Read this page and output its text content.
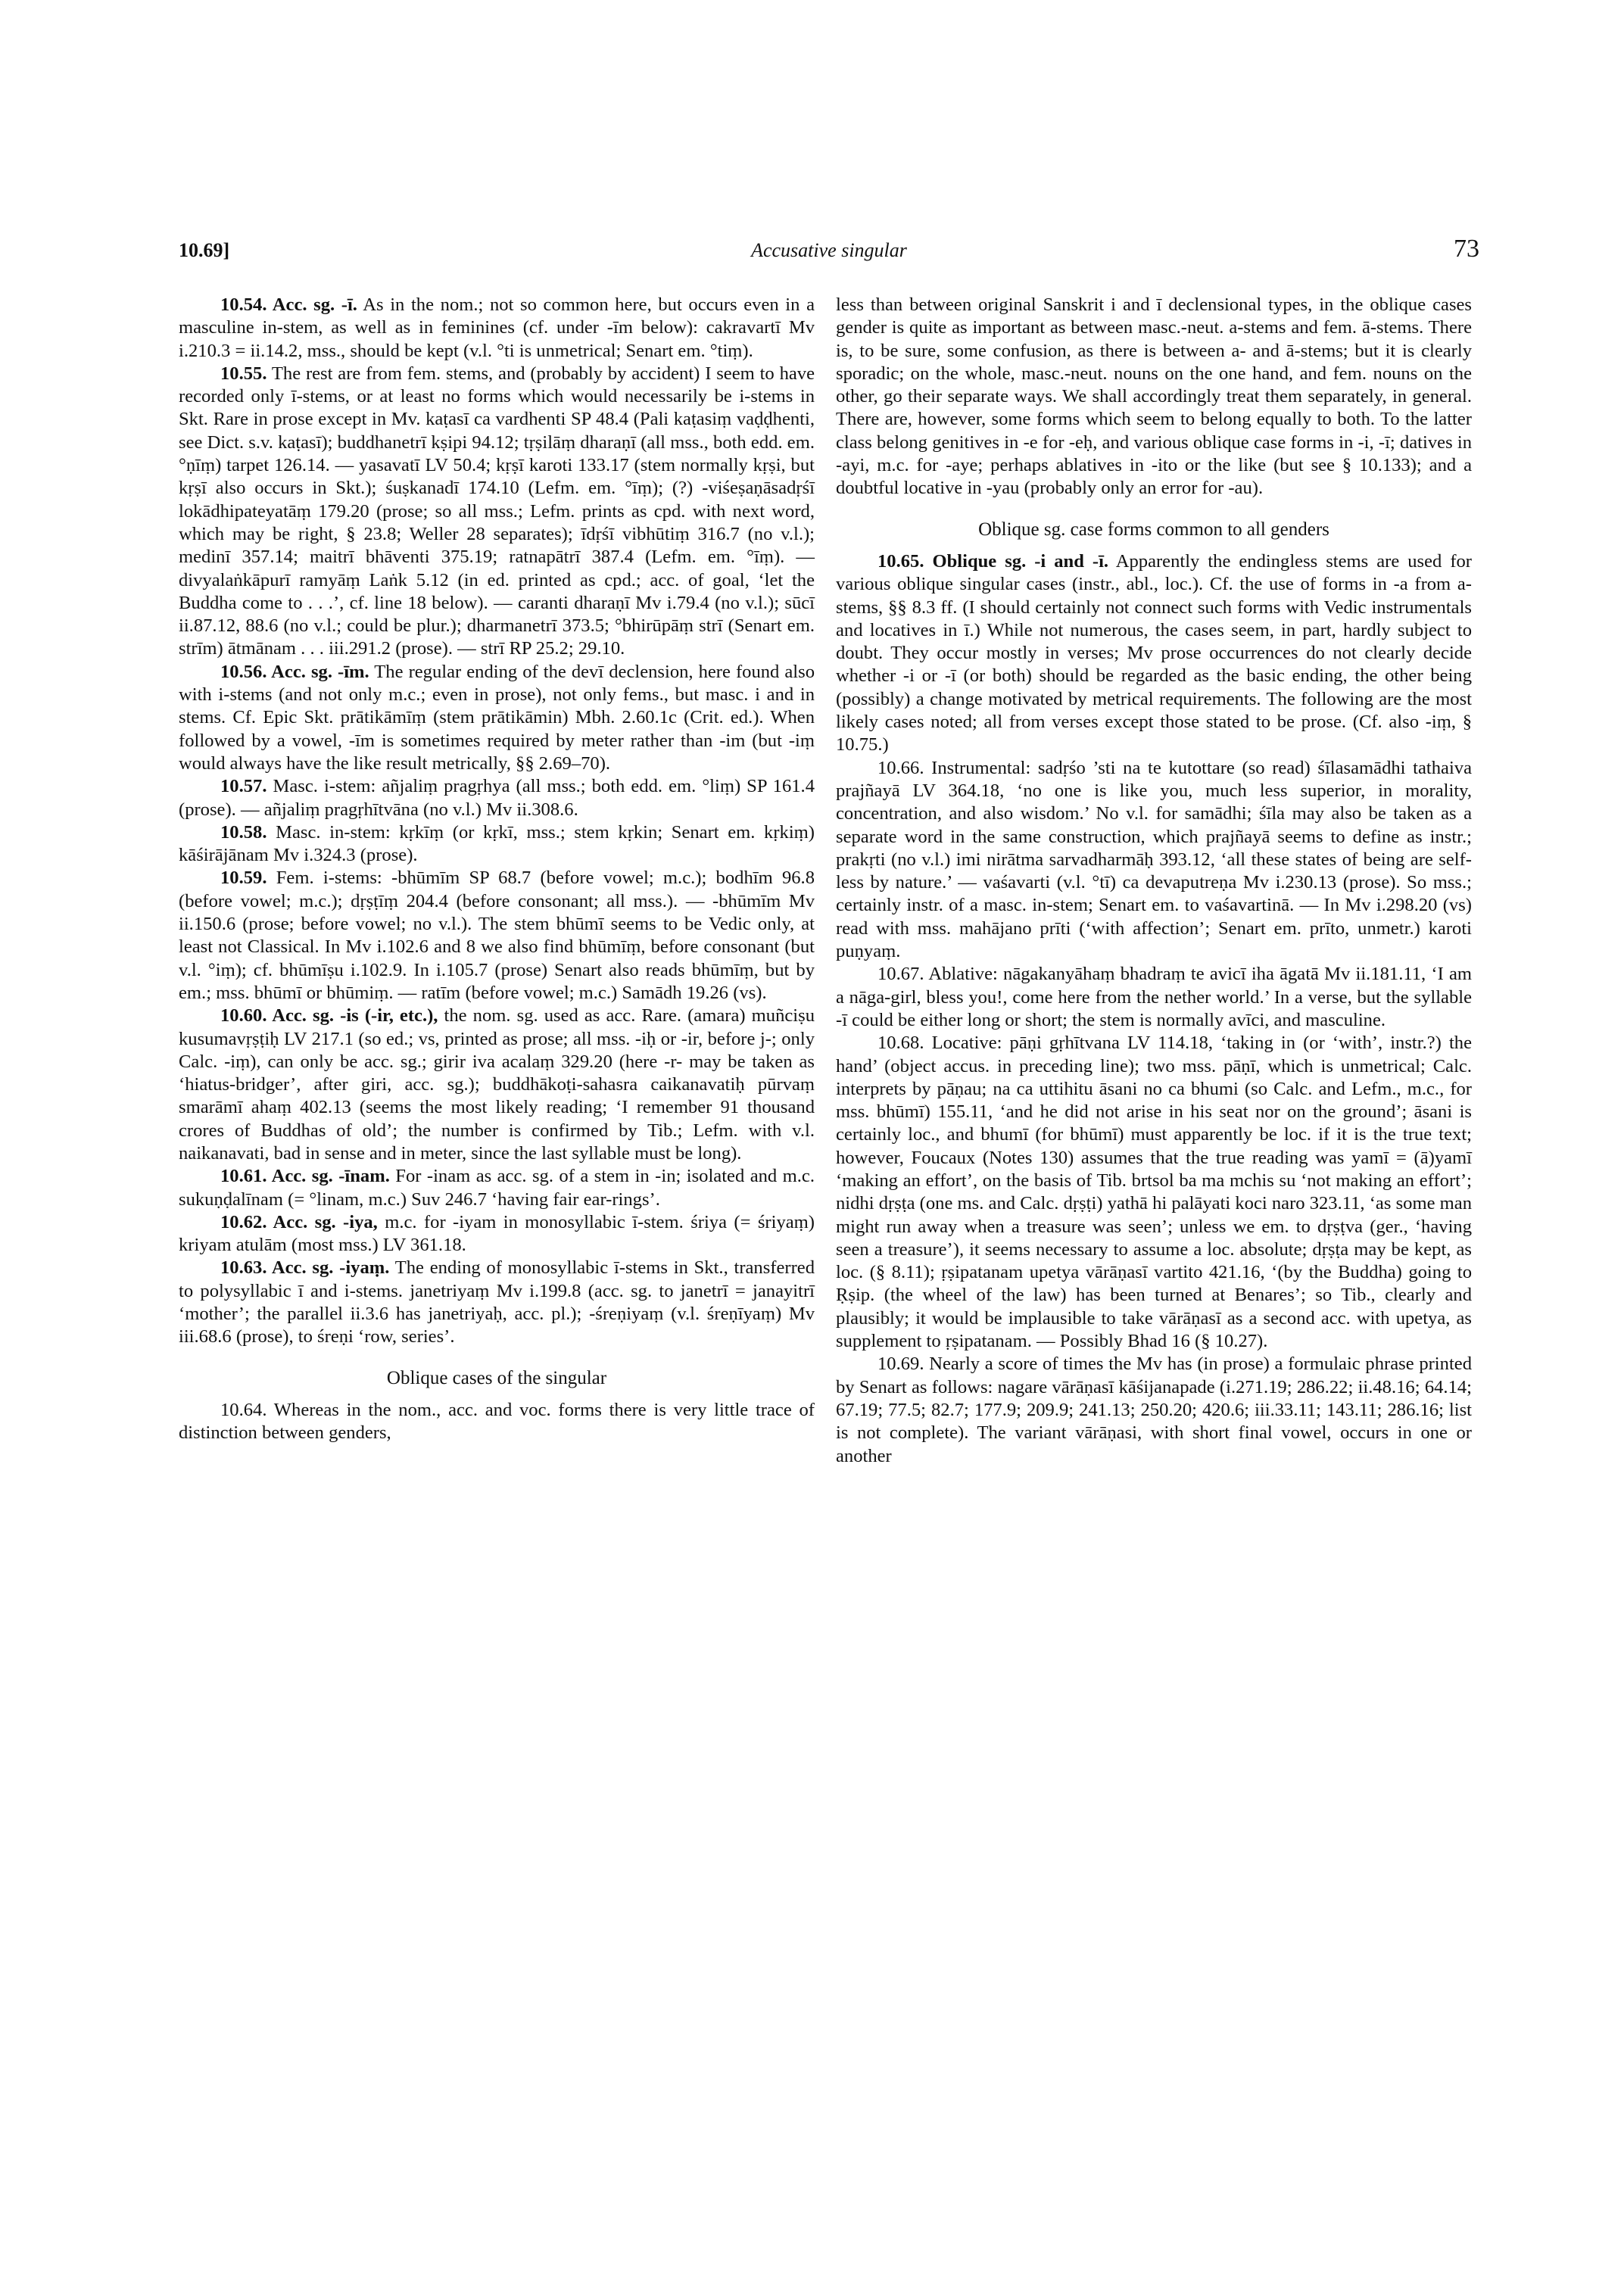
10.69]	Accusative singular	73

10.54. Acc. sg. -ī. As in the nom.; not so common here, but occurs even in a masculine in-stem, as well as in feminines (cf. under -īm below): cakravartī Mv i.210.3 = ii.14.2, mss., should be kept (v.l. °ti is unmetrical; Senart em. °tiṃ).

10.55. The rest are from fem. stems, and (probably by accident) I seem to have recorded only ī-stems, or at least no forms which would necessarily be i-stems in Skt. Rare in prose except in Mv. kaṭasī ca vardhenti SP 48.4 (Pali kaṭasiṃ vaḍḍhenti, see Dict. s.v. kaṭasī); buddhanetrī kṣipi 94.12; tṛṣilāṃ dharaṇī (all mss., both edd. em. °ṇīṃ) tarpet 126.14. — yasavatī LV 50.4; kṛṣī karoti 133.17 (stem normally kṛṣi, but kṛṣī also occurs in Skt.); śuṣkanadī 174.10 (Lefm. em. °īṃ); (?) -viśeṣaṇāsadṛśī lokādhipateyatāṃ 179.20 (prose; so all mss.; Lefm. prints as cpd. with next word, which may be right, § 23.8; Weller 28 separates); īdṛśī vibhūtiṃ 316.7 (no v.l.); medinī 357.14; maitrī bhāventi 375.19; ratnapātrī 387.4 (Lefm. em. °īṃ). — divyalaṅkāpurī ramyāṃ Laṅk 5.12 (in ed. printed as cpd.; acc. of goal, ‘let the Buddha come to . . .’, cf. line 18 below). — caranti dharaṇī Mv i.79.4 (no v.l.); sūcī ii.87.12, 88.6 (no v.l.; could be plur.); dharmanetrī 373.5; °bhirūpāṃ strī (Senart em. strīm) ātmānam . . . iii.291.2 (prose). — strī RP 25.2; 29.10.

10.56. Acc. sg. -īm. The regular ending of the devī declension, here found also with i-stems (and not only m.c.; even in prose), not only fems., but masc. i and in stems. Cf. Epic Skt. prātikāmīṃ (stem prātikāmin) Mbh. 2.60.1c (Crit. ed.). When followed by a vowel, -īm is sometimes required by meter rather than -im (but -iṃ would always have the like result metrically, §§ 2.69–70).

10.57. Masc. i-stem: añjaliṃ pragṛhya (all mss.; both edd. em. °liṃ) SP 161.4 (prose). — añjaliṃ pragṛhītvāna (no v.l.) Mv ii.308.6.

10.58. Masc. in-stem: kṛkīṃ (or kṛkī, mss.; stem kṛkin; Senart em. kṛkiṃ) kāśirājānam Mv i.324.3 (prose).

10.59. Fem. i-stems: -bhūmīm SP 68.7 (before vowel; m.c.); bodhīm 96.8 (before vowel; m.c.); dṛṣṭīṃ 204.4 (before consonant; all mss.). — -bhūmīm Mv ii.150.6 (prose; before vowel; no v.l.). The stem bhūmī seems to be Vedic only, at least not Classical. In Mv i.102.6 and 8 we also find bhūmīṃ, before consonant (but v.l. °iṃ); cf. bhūmīṣu i.102.9. In i.105.7 (prose) Senart also reads bhūmīṃ, but by em.; mss. bhūmī or bhūmiṃ. — ratīm (before vowel; m.c.) Samādh 19.26 (vs).

10.60. Acc. sg. -is (-ir, etc.), the nom. sg. used as acc. Rare. (amara) muñciṣu kusumavṛṣṭiḥ LV 217.1 (so ed.; vs, printed as prose; all mss. -iḥ or -ir, before j-; only Calc. -iṃ), can only be acc. sg.; girir iva acalaṃ 329.20 (here -r- may be taken as ‘hiatus-bridger’, after giri, acc. sg.); buddhākoṭi-sahasra caikanavatiḥ pūrvaṃ smarāmī ahaṃ 402.13 (seems the most likely reading; ‘I remember 91 thousand crores of Buddhas of old’; the number is confirmed by Tib.; Lefm. with v.l. naikanavati, bad in sense and in meter, since the last syllable must be long).

10.61. Acc. sg. -īnam. For -inam as acc. sg. of a stem in -in; isolated and m.c. sukuṇḍalīnam (= °linam, m.c.) Suv 246.7 ‘having fair ear-rings’.

10.62. Acc. sg. -iya, m.c. for -iyam in monosyllabic ī-stem. śriya (= śriyaṃ) kriyam atulām (most mss.) LV 361.18.

10.63. Acc. sg. -iyaṃ. The ending of monosyllabic ī-stems in Skt., transferred to polysyllabic ī and i-stems. janetriyaṃ Mv i.199.8 (acc. sg. to janetrī = janayitrī ‘mother’; the parallel ii.3.6 has janetriyaḥ, acc. pl.); -śreṇiyaṃ (v.l. śreṇīyaṃ) Mv iii.68.6 (prose), to śreṇi ‘row, series’.

Oblique cases of the singular

10.64. Whereas in the nom., acc. and voc. forms there is very little trace of distinction between genders,

less than between original Sanskrit i and ī declensional types, in the oblique cases gender is quite as important as between masc.-neut. a-stems and fem. ā-stems. There is, to be sure, some confusion, as there is between a- and ā-stems; but it is clearly sporadic; on the whole, masc.-neut. nouns on the one hand, and fem. nouns on the other, go their separate ways. We shall accordingly treat them separately, in general. There are, however, some forms which seem to belong equally to both. To the latter class belong genitives in -e for -eḥ, and various oblique case forms in -i, -ī; datives in -ayi, m.c. for -aye; perhaps ablatives in -ito or the like (but see § 10.133); and a doubtful locative in -yau (probably only an error for -au).

Oblique sg. case forms common to all genders

10.65. Oblique sg. -i and -ī. Apparently the endingless stems are used for various oblique singular cases (instr., abl., loc.). Cf. the use of forms in -a from a-stems, §§ 8.3 ff. (I should certainly not connect such forms with Vedic instrumentals and locatives in ī.) While not numerous, the cases seem, in part, hardly subject to doubt. They occur mostly in verses; Mv prose occurrences do not clearly decide whether -i or -ī (or both) should be regarded as the basic ending, the other being (possibly) a change motivated by metrical requirements. The following are the most likely cases noted; all from verses except those stated to be prose. (Cf. also -iṃ, § 10.75.)

10.66. Instrumental: sadṛśo ’sti na te kutottare (so read) śīlasamādhi tathaiva prajñayā LV 364.18, ‘no one is like you, much less superior, in morality, concentration, and also wisdom.’ No v.l. for samādhi; śīla may also be taken as a separate word in the same construction, which prajñayā seems to define as instr.; prakṛti (no v.l.) imi nirātma sarvadharmāḥ 393.12, ‘all these states of being are self-less by nature.’ — vaśavarti (v.l. °tī) ca devaputreṇa Mv i.230.13 (prose). So mss.; certainly instr. of a masc. in-stem; Senart em. to vaśavartinā. — In Mv i.298.20 (vs) read with mss. mahājano prīti (‘with affection’; Senart em. prīto, unmetr.) karoti puṇyaṃ.

10.67. Ablative: nāgakanyāhaṃ bhadraṃ te avicī iha āgatā Mv ii.181.11, ‘I am a nāga-girl, bless you!, come here from the nether world.’ In a verse, but the syllable -ī could be either long or short; the stem is normally avīci, and masculine.

10.68. Locative: pāṇi gṛhītvana LV 114.18, ‘taking in (or ‘with’, instr.?) the hand’ (object accus. in preceding line); two mss. pāṇī, which is unmetrical; Calc. interprets by pāṇau; na ca uttihitu āsani no ca bhumi (so Calc. and Lefm., m.c., for mss. bhūmī) 155.11, ‘and he did not arise in his seat nor on the ground’; āsani is certainly loc., and bhumī (for bhūmī) must apparently be loc. if it is the true text; however, Foucaux (Notes 130) assumes that the true reading was yamī = (ā)yamī ‘making an effort’, on the basis of Tib. brtsol ba ma mchis su ‘not making an effort’; nidhi dṛṣṭa (one ms. and Calc. dṛṣṭi) yathā hi palāyati koci naro 323.11, ‘as some man might run away when a treasure was seen’; unless we em. to dṛṣṭva (ger., ‘having seen a treasure’), it seems necessary to assume a loc. absolute; dṛṣṭa may be kept, as loc. (§ 8.11); ṛṣipatanam upetya vārāṇasī vartito 421.16, ‘(by the Buddha) going to Ṛṣip. (the wheel of the law) has been turned at Benares’; so Tib., clearly and plausibly; it would be implausible to take vārāṇasī as a second acc. with upetya, as supplement to ṛṣipatanam. — Possibly Bhad 16 (§ 10.27).

10.69. Nearly a score of times the Mv has (in prose) a formulaic phrase printed by Senart as follows: nagare vārāṇasī kāśijanapade (i.271.19; 286.22; ii.48.16; 64.14; 67.19; 77.5; 82.7; 177.9; 209.9; 241.13; 250.20; 420.6; iii.33.11; 143.11; 286.16; list is not complete). The variant vārāṇasi, with short final vowel, occurs in one or another
